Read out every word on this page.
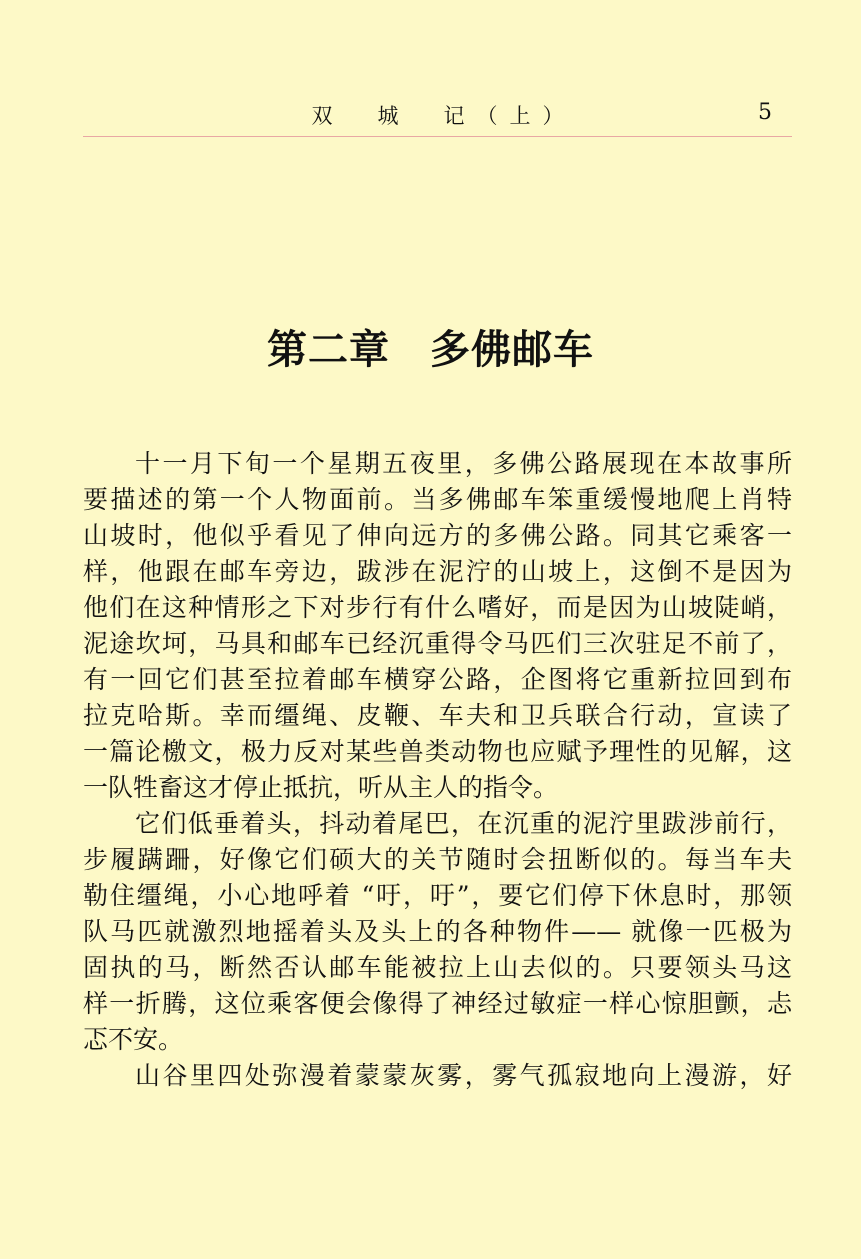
双　城　记（上）	5
第二章 多佛邮车
十一月下旬一个星期五夜里，多佛公路展现在本故事所
要描述的第一个人物面前。当多佛邮车笨重缓慢地爬上肖特
山坡时，他似乎看见了伸向远方的多佛公路。同其它乘客一
样，他跟在邮车旁边，跋涉在泥泞的山坡上，这倒不是因为
他们在这种情形之下对步行有什么嗜好，而是因为山坡陡峭，
泥途坎坷，马具和邮车已经沉重得令马匹们三次驻足不前了，
有一回它们甚至拉着邮车横穿公路，企图将它重新拉回到布
拉克哈斯。幸而缰绳、皮鞭、车夫和卫兵联合行动，宣读了
一篇论檄文，极力反对某些兽类动物也应赋予理性的见解，这
一队牲畜这才停止抵抗，听从主人的指令。
它们低垂着头，抖动着尾巴，在沉重的泥泞里跋涉前行，
步履蹒跚，好像它们硕大的关节随时会扭断似的。每当车夫
勒住缰绳，小心地呼着 “吁，吁”，要它们停下休息时，那领
队马匹就激烈地摇着头及头上的各种物件—— 就像一匹极为
固执的马，断然否认邮车能被拉上山去似的。只要领头马这
样一折腾，这位乘客便会像得了神经过敏症一样心惊胆颤，忐
忑不安。
山谷里四处弥漫着蒙蒙灰雾，雾气孤寂地向上漫游，好
